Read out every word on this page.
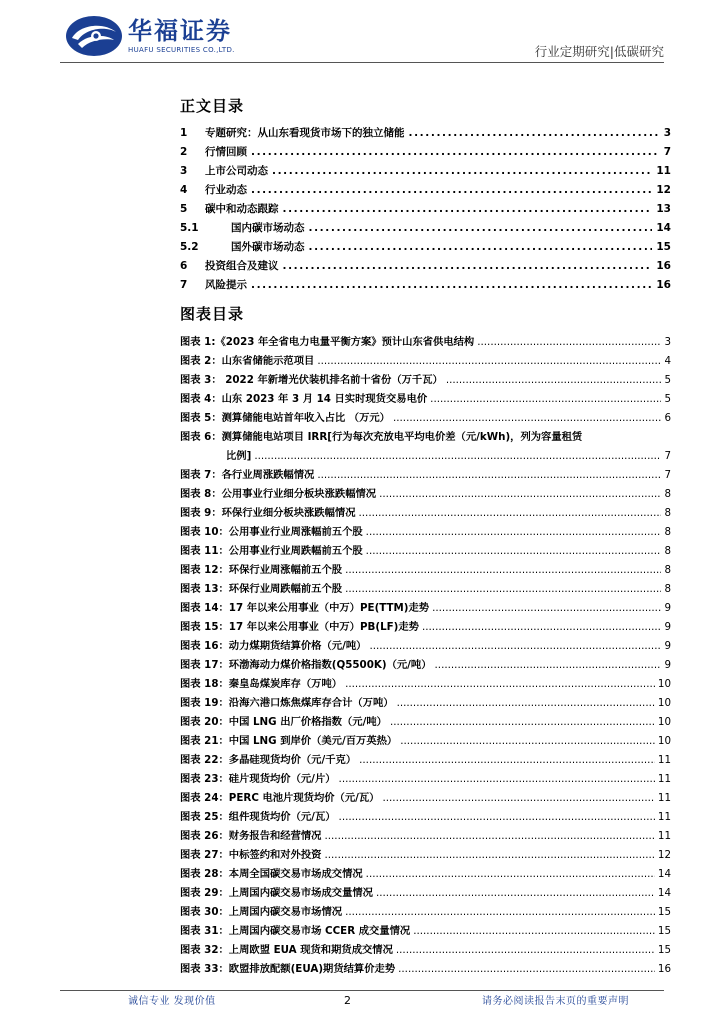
华福证券
HUAFU SECURITIES CO.,LTD.	行业定期研究|低碳研究
正文目录
1	专题研究：从山东看现货市场下的独立储能 .....	3
2	行情回顾 .....	7
3	上市公司动态 .....	11
4	行业动态 .....	12
5	碳中和动态跟踪 .....	13
5.1	国内碳市场动态 .....	14
5.2	国外碳市场动态 .....	15
6	投资组合及建议 .....	16
7	风险提示 .....	16
图表目录
图表 1:《2023 年全省电力电量平衡方案》预计山东省供电结构 .....	3
图表 2：山东省储能示范项目 .....	4
图表 3： 2022 年新增光伏装机排名前十省份（万千瓦） .....	5
图表 4：山东 2023 年 3 月 14 日实时现货交易电价 .....	5
图表 5：测算储能电站首年收入占比 （万元） .....	6
图表 6：测算储能电站项目 IRR[行为每次充放电平均电价差（元/kWh)，列为容量租赁
比例] .....	7
图表 7：各行业周涨跌幅情况 .....	7
图表 8：公用事业行业细分板块涨跌幅情况 .....	8
图表 9：环保行业细分板块涨跌幅情况 .....	8
图表 10：公用事业行业周涨幅前五个股 .....	8
图表 11：公用事业行业周跌幅前五个股 .....	8
图表 12：环保行业周涨幅前五个股 .....	8
图表 13：环保行业周跌幅前五个股 .....	8
图表 14：17 年以来公用事业（中万）PE(TTM)走势 .....	9
图表 15：17 年以来公用事业（中万）PB(LF)走势 .....	9
图表 16：动力煤期货结算价格（元/吨） .....	9
图表 17：环渤海动力煤价格指数(Q5500K)（元/吨） .....	9
图表 18：秦皇岛煤炭库存（万吨） .....	10
图表 19：沿海六港口炼焦煤库存合计（万吨） .....	10
图表 20：中国 LNG 出厂价格指数（元/吨） .....	10
图表 21：中国 LNG 到岸价（美元/百万英热） .....	10
图表 22：多晶硅现货均价（元/千克） .....	11
图表 23：硅片现货均价（元/片） .....	11
图表 24：PERC 电池片现货均价（元/瓦） .....	11
图表 25：组件现货均价（元/瓦） .....	11
图表 26：财务报告和经营情况 .....	11
图表 27：中标签约和对外投资 .....	12
图表 28：本周全国碳交易市场成交情况 .....	14
图表 29：上周国内碳交易市场成交量情况 .....	14
图表 30：上周国内碳交易市场情况 .....	15
图表 31：上周国内碳交易市场 CCER 成交量情况 .....	15
图表 32：上周欧盟 EUA 现货和期货成交情况 .....	15
图表 33：欧盟排放配额(EUA)期货结算价走势 .....	16
诚信专业 发现价值	2	请务必阅读报告末页的重要声明
